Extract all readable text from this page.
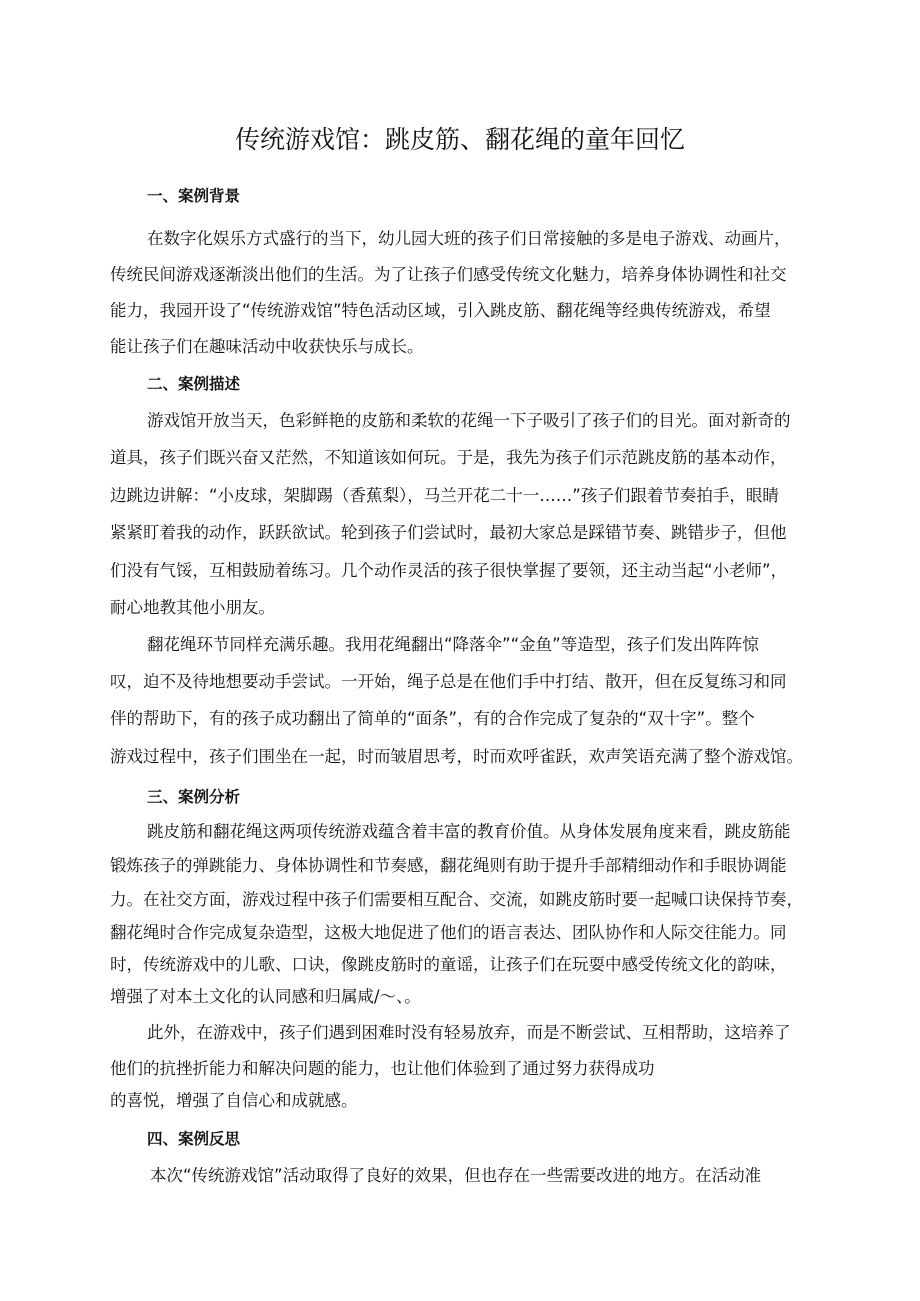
传统游戏馆：跳皮筋、翻花绳的童年回忆
一、案例背景

在数字化娱乐方式盛行的当下，幼儿园大班的孩子们日常接触的多是电子游戏、动画片，

传统民间游戏逐渐淡出他们的生活。为了让孩子们感受传统文化魅力，培养身体协调性和社交

能力，我园开设了“传统游戏馆”特色活动区域，引入跳皮筋、翻花绳等经典传统游戏，希望

能让孩子们在趣味活动中收获快乐与成长。

二、案例描述

游戏馆开放当天，色彩鲜艳的皮筋和柔软的花绳一下子吸引了孩子们的目光。面对新奇的

道具，孩子们既兴奋又茫然，不知道该如何玩。于是，我先为孩子们示范跳皮筋的基本动作，

边跳边讲解：“小皮球，架脚踢（香蕉梨），马兰开花二十一……”孩子们跟着节奏拍手，眼睛

紧紧盯着我的动作，跃跃欲试。轮到孩子们尝试时，最初大家总是踩错节奏、跳错步子，但他

们没有气馁，互相鼓励着练习。几个动作灵活的孩子很快掌握了要领，还主动当起“小老师”，

耐心地教其他小朋友。

翻花绳环节同样充满乐趣。我用花绳翻出“降落伞”“金鱼”等造型，孩子们发出阵阵惊

叹，迫不及待地想要动手尝试。一开始，绳子总是在他们手中打结、散开，但在反复练习和同

伴的帮助下，有的孩子成功翻出了简单的“面条”，有的合作完成了复杂的“双十字”。整个

游戏过程中，孩子们围坐在一起，时而皱眉思考，时而欢呼雀跃，欢声笑语充满了整个游戏馆。

三、案例分析

跳皮筋和翻花绳这两项传统游戏蕴含着丰富的教育价值。从身体发展角度来看，跳皮筋能

锻炼孩子的弹跳能力、身体协调性和节奏感，翻花绳则有助于提升手部精细动作和手眼协调能

力。在社交方面，游戏过程中孩子们需要相互配合、交流，如跳皮筋时要一起喊口诀保持节奏，

翻花绳时合作完成复杂造型，这极大地促进了他们的语言表达、团队协作和人际交往能力。同

时，传统游戏中的儿歌、口诀，像跳皮筋时的童谣，让孩子们在玩耍中感受传统文化的韵味，

增强了对本土文化的认同感和归属咸/〜、。

此外，在游戏中，孩子们遇到困难时没有轻易放弃，而是不断尝试、互相帮助，这培养了

他们的抗挫折能力和解决问题的能力，也让他们体验到了通过努力获得成功

的喜悦，增强了自信心和成就感。

四、案例反思

本次“传统游戏馆”活动取得了良好的效果，但也存在一些需要改进的地方。在活动准
